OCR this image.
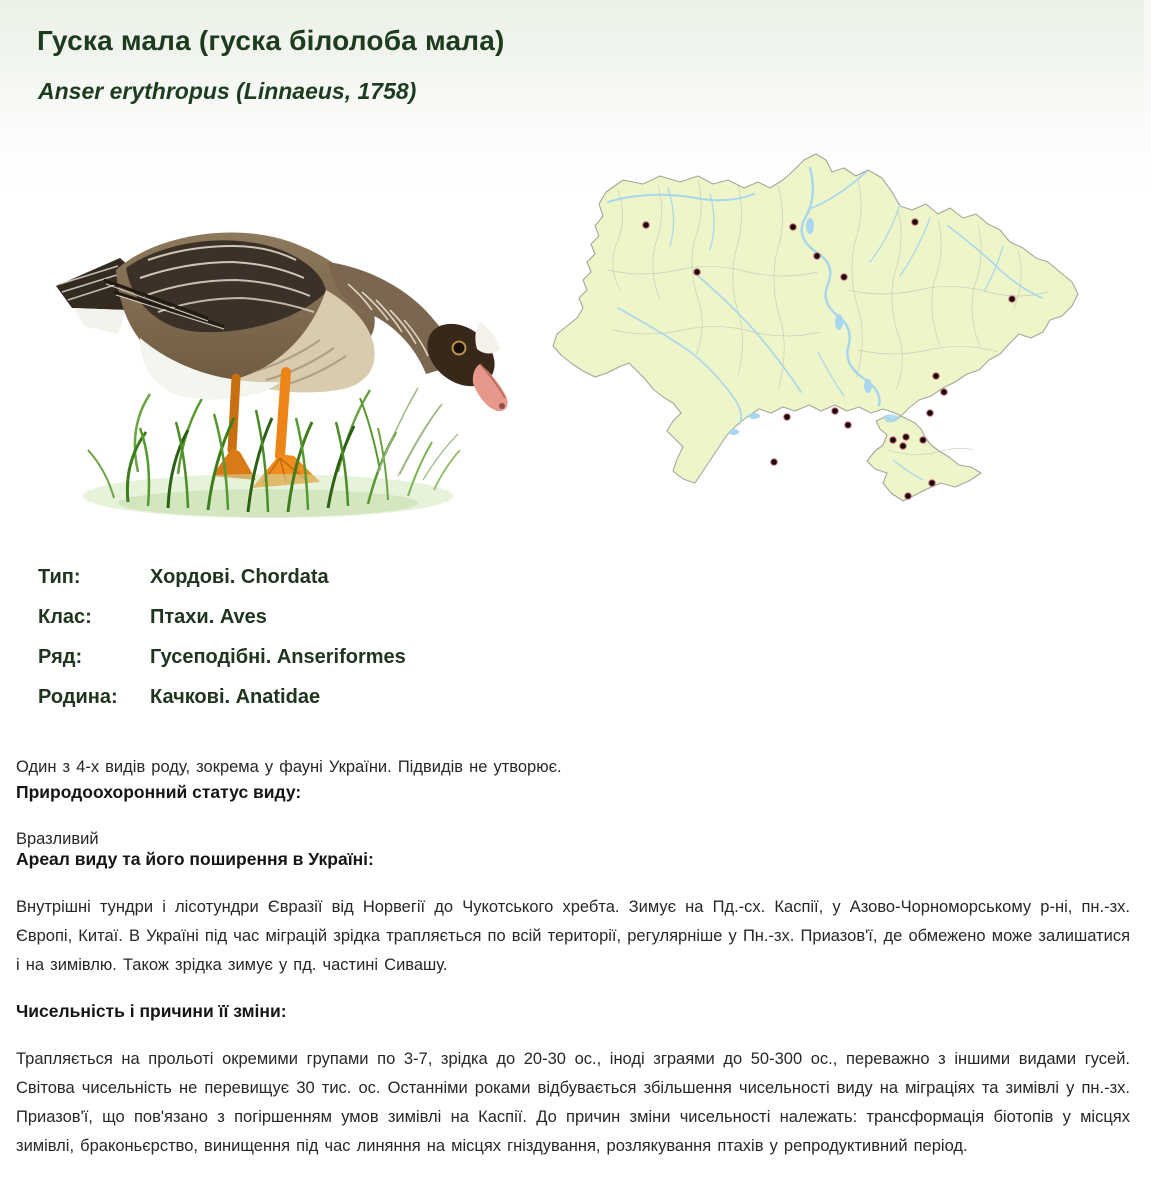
Гуска мала (гуска білолоба мала)
Anser erythropus (Linnaeus, 1758)
Тип:	Хордові. Chordata
Клас:	Птахи. Aves
Ряд:	Гусеподібні. Anseriformes
Родина:	Качкові. Anatidae

Один з 4-х видів роду, зокрема у фауні України. Підвидів не утворює.

Природоохоронний статус виду:

Вразливий

Ареал виду та його поширення в Україні:

Внутрішні тундри і лісотундри Євразії від Норвегії до Чукотського хребта. Зимує на Пд.-сх. Каспії, у Азово-Чорноморському р-ні, пн.-зх. Європі, Китаї. В Україні під час міграцій зрідка трапляється по всій території, регулярніше у Пн.-зх. Приазов'ї, де обмежено може залишатися і на зимівлю. Також зрідка зимує у пд. частині Сивашу.

Чисельність і причини її зміни:

Трапляється на прольоті окремими групами по 3-7, зрідка до 20-30 ос., іноді зграями до 50-300 ос., переважно з іншими видами гусей. Світова чисельність не перевищує 30 тис. ос. Останніми роками відбувається збільшення чисельності виду на міграціях та зимівлі у пн.-зх. Приазов'ї, що пов'язано з погіршенням умов зимівлі на Каспії. До причин зміни чисельності належать: трансформація біотопів у місцях зимівлі, браконьєрство, винищення під час линяння на місцях гніздування, розлякування птахів у репродуктивний період.
